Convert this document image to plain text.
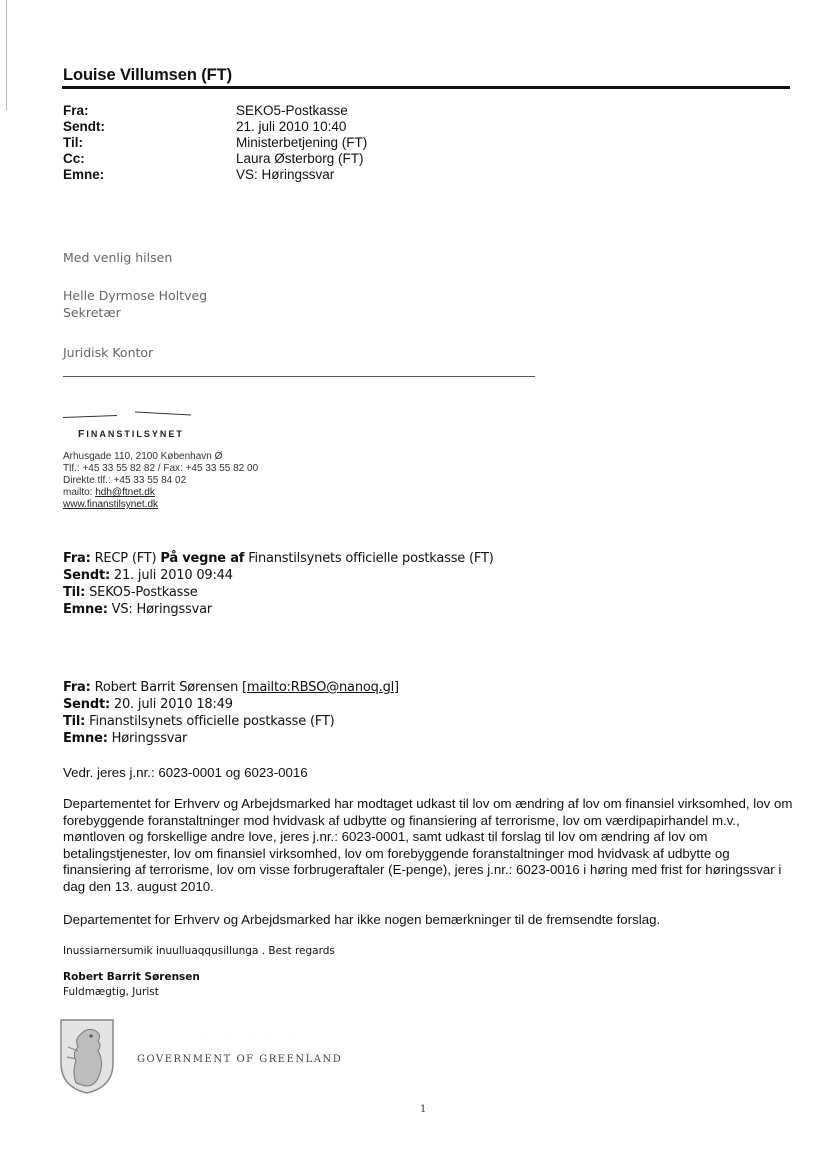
Louise Villumsen (FT)
Fra:	SEKO5-Postkasse
Sendt:	21. juli 2010 10:40
Til:	Ministerbetjening (FT)
Cc:	Laura Østerborg (FT)
Emne:	VS: Høringssvar
Med venlig hilsen
Helle Dyrmose Holtveg
Sekretær
Juridisk Kontor
FINANSTILSYNET
Arhusgade 110, 2100 København Ø
Tlf.: +45 33 55 82 82 / Fax: +45 33 55 82 00
Direkte tlf.: +45 33 55 84 02
mailto: hdh@ftnet.dk
www.finanstilsynet.dk
Fra: RECP (FT) På vegne af Finanstilsynets officielle postkasse (FT)
Sendt: 21. juli 2010 09:44
Til: SEKO5-Postkasse
Emne: VS: Høringssvar
Fra: Robert Barrit Sørensen [mailto:RBSO@nanoq.gl]
Sendt: 20. juli 2010 18:49
Til: Finanstilsynets officielle postkasse (FT)
Emne: Høringssvar
Vedr. jeres j.nr.: 6023-0001 og 6023-0016
Departementet for Erhverv og Arbejdsmarked har modtaget udkast til lov om ændring af lov om finansiel virksomhed, lov om forebyggende foranstaltninger mod hvidvask af udbytte og finansiering af terrorisme, lov om værdipapirhandel m.v., møntloven og forskellige andre love, jeres j.nr.: 6023-0001, samt udkast til forslag til lov om ændring af lov om betalingstjenester, lov om finansiel virksomhed, lov om forebyggende foranstaltninger mod hvidvask af udbytte og finansiering af terrorisme, lov om visse forbrugeraftaler (E-penge), jeres j.nr.: 6023-0016 i høring med frist for høringssvar i dag den 13. august 2010.
Departementet for Erhverv og Arbejdsmarked har ikke nogen bemærkninger til de fremsendte forslag.
Inussiarnersumik inuulluaqqusillunga . Best regards
Robert Barrit Sørensen
Fuldmægtig, Jurist
· · · · ·
GOVERNMENT OF GREENLAND
1
